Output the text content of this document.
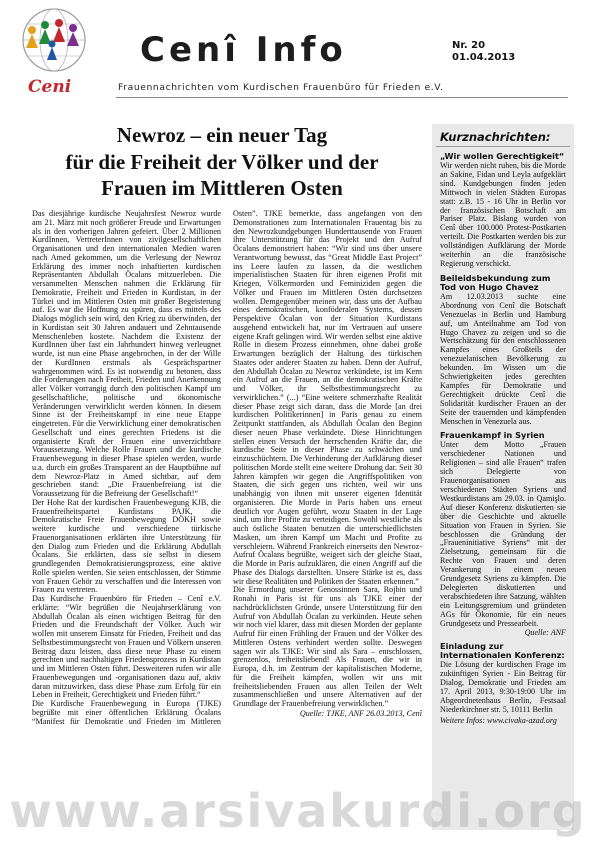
Ceni
Cenî Info	Nr. 20
01.04.2013
Frauennachrichten vom Kurdischen Frauenbüro für Frieden e.V.
Newroz – ein neuer Tag
für die Freiheit der Völker und der
Frauen im Mittleren Osten

Das diesjährige kurdische Neujahrsfest Newroz wurde am 21. März mit noch größerer Freude und Erwartungen als in den vorherigen Jahren gefeiert. Über 2 Millionen KurdInnen, VertreterInnen von zivilgesellschaftlichen Organisationen und den internationalen Medien waren nach Amed gekommen, um die Verlesung der Newroz Erklärung des immer noch inhaftierten kurdischen Repräsentanten Abdullah Öcalans mitzuerleben. Die versammelten Menschen nahmen die Erklärung für Demokratie, Freiheit und Frieden in Kurdistan, in der Türkei und im Mittleren Osten mit großer Begeisterung auf. Es war die Hoffnung zu spüren, dass es mittels des Dialogs möglich sein wird, den Krieg zu überwinden, der in Kurdistan seit 30 Jahren andauert und Zehntausende Menschenleben kostete. Nachdem die Existenz der KurdInnen über fast ein Jahrhundert hinweg verleugnet wurde, ist nun eine Phase angebrochen, in der der Wille der KurdInnen erstmals als Gesprächspartner wahrgenommen wird. Es ist notwendig zu betonen, dass die Forderungen nach Freiheit, Frieden und Anerkennung aller Völker vorrangig durch den politischen Kampf um gesellschaftliche, politische und ökonomische Veränderungen verwirklicht werden können. In diesem Sinne ist der Freiheitskampf in eine neue Etappe eingetreten. Für die Verwirklichung einer demokratischen Gesellschaft und eines gerechten Friedens ist die organisierte Kraft der Frauen eine unverzichtbare Voraussetzung. Welche Rolle Frauen und die kurdische Frauenbewegung in dieser Phase spielen werden, wurde u.a. durch ein großes Transparent an der Hauptbühne auf dem Newroz-Platz in Amed sichtbar, auf dem geschrieben stand: „Die Frauenbefreiung ist die Voraussetzung für die Befreiung der Gesellschaft!“

Der Hohe Rat der kurdischen Frauenbewegung KJB, die Frauenfreiheitspartei Kurdistans PAJK, die Demokratische Freie Frauenbewegung DÖKH sowie weitere kurdische und verschiedene türkische Frauenorganisationen erklärten ihre Unterstützung für den Dialog zum Frieden und die Erklärung Abdullah Öcalans. Sie erklärten, dass sie selbst in diesem grundlegenden Demokratisierungsprozess, eine aktive Rolle spielen werden. Sie seien entschlossen, der Stimme von Frauen Gehör zu verschaffen und die Interessen von Frauen zu vertreten.

Das Kurdische Frauenbüro für Frieden – Cenî e.V. erklärte: “Wir begrüßen die Neujahrserklärung von Abdullah Öcalan als einen wichtigen Beitrag für den Frieden und die Freundschaft der Völker. Auch wir wollen mit unserem Einsatz für Frieden, Freiheit und das Selbstbestimmungsrecht von Frauen und Völkern unseren Beitrag dazu leisten, dass diese neue Phase zu einem gerechten und nachhaltigen Friedensprozess in Kurdistan und im Mittleren Osten führt. Desweiteren rufen wir alle Frauenbewegungen und -organisationen dazu auf, aktiv daran mitzuwirken, dass diese Phase zum Erfolg für ein Leben in Freiheit, Gerechtigkeit und Frieden führt.“

Die Kurdische Frauenbewegung in Europa (TJKE) begrüßte mit einer öffentlichen Erklärung Öcalans “Manifest für Demokratie und Frieden im Mittleren Osten”. TJKE bemerkte, dass angefangen von den Demonstrationen zum Internationalen Frauentag bis zu den Newrozkundgebungen Hunderttausende von Frauen ihre Unterstützung für das Projekt und den Aufruf Öcalans demonstriert haben: “Wir sind uns über unsere Verantwortung bewusst, das “Great Middle East Project” ins Leere laufen zu lassen, da die westlichen imperialistischen Staaten für ihren eigenen Profit mit Kriegen, Völkermorden und Feminiziden gegen die Völker und Frauen im Mittleren Osten durchsetzen wollen. Demgegenüber meinen wir, dass uns der Aufbau eines demokratischen, konföderalen Systems, dessen Perspektive Öcalan von der Situation Kurdistans ausgehend entwickelt hat, nur im Vertrauen auf unsere eigene Kraft gelingen wird. Wir werden selbst eine aktive Rolle in diesem Prozess einnehmen, ohne dabei große Erwartungen bezüglich der Haltung des türkischen Staates oder anderer Staaten zu haben. Denn der Aufruf, den Abdullah Öcalan zu Newroz verkündete, ist im Kern ein Aufruf an die Frauen, an die demokratischen Kräfte und Völker, ihr Selbstbestimmungsrecht zu verwirklichen.” (...) “Eine weitere schmerzhafte Realität dieser Phase zeigt sich daran, dass die Morde [an drei kurdischen Politikerinnen] in Paris genau zu einem Zeitpunkt stattfanden, als Abdullah Öcalan den Beginn dieser neuen Phase verkündete. Diese Hinrichtungen stellen einen Versuch der herrschenden Kräfte dar, die kurdische Seite in dieser Phase zu schwächen und einzuschüchtern. Die Verhinderung der Aufklärung dieser politischen Morde stellt eine weitere Drohung dar. Seit 30 Jahren kämpfen wir gegen die Angriffspolitiken von Staaten, die sich gegen uns richten, weil wir uns unabhängig von ihnen mit unserer eigenen Identität organisieren. Die Morde in Paris haben uns erneut deutlich vor Augen geführt, wozu Staaten in der Lage sind, um ihre Profite zu verteidigen. Sowohl westliche als auch östliche Staaten benutzen die unterschiedlichsten Masken, um ihren Kampf um Macht und Profite zu verschleiern. Während Frankreich einerseits den Newroz-Aufruf Öcalans begrüßte, weigert sich der gleiche Staat, die Morde in Paris aufzuklären, die einen Angriff auf die Phase des Dialogs darstellten. Unsere Stärke ist es, dass wir diese Realitäten und Politiken der Staaten erkennen.”

Die Ermordung unserer Genossinnen Sara, Rojbin und Ronahi in Paris ist für uns als TJKE einer der nachdrücklichsten Gründe, unsere Unterstützung für den Aufruf von Abdullah Öcalan zu verkünden. Heute sehen wir noch viel klarer, dass mit diesen Morden der geplante Aufruf für einen Frühling der Frauen und der Völker des Mittleren Ostens verhindert werden sollte. Deswegen sagen wir als TJKE: Wir sind als Sara – entschlossen, grenzenlos, freiheitsliebend! Als Frauen, die wir in Europa, d.h. im Zentrum der kapitalistischen Moderne, für die Freiheit kämpfen, wollen wir uns mit freiheitsliebenden Frauen aus allen Teilen der Welt zusammenschließen und unsere Alternativen auf der Grundlage der Frauenbefreiung verwirklichen.”

Quelle: TJKE, ANF 26.03.2013, Cenî

Kurznachrichten:
„Wir wollen Gerechtigkeit“

Wir werden nicht ruhen, bis die Morde an Sakine, Fidan und Leyla aufgeklärt sind. Kundgebungen finden jeden Mittwoch in vielen Städten Europas statt: z.B. 15 - 16 Uhr in Berlin vor der französischen Botschaft am Pariser Platz. Bislang wurden von Cenî über 100.000 Protest-Postkarten verteilt. Die Postkarten werden bis zur vollständigen Aufklärung der Morde weiterhin an die französische Regierung verschickt.

Beileidsbekundung zum Tod von Hugo Chavez

Am 12.03.2013 suchte eine Abordnung von Cenî die Botschaft Venezuelas in Berlin und Hamburg auf, um Anteilnahme am Tod von Hugo Chavez zu zeigen und so die Wertschätzung für den entschlossenen Kampfes eines Großteils der venezuelanischen Bevölkerung zu bekunden. Im Wissen um die Schwierigkeiten jedes gerechten Kampfes für Demokratie und Gerechtigkeit drückte Cenî die Solidarität kurdischer Frauen an der Seite der trauernden und kämpfenden Menschen in Venezuela aus.

Frauenkampf in Syrien

Unter dem Motto „Frauen verschiedener Nationen und Religionen – sind alle Frauen“ trafen sich Delegierte von Frauenorganisationen aus verschiedenen Städten Syriens und Westkurdistans am 29.03. in Qamişlo. Auf dieser Konferenz diskutierten sie über die Geschichte und aktuelle Situation von Frauen in Syrien. Sie beschlossen die Gründung der „Fraueninitiative Syriens“ mit der Zielsetzung, gemeinsam für die Rechte von Frauen und deren Verankerung in einem neuen Grundgesetz Syriens zu kämpfen. Die Delegierten diskutierten und verabschiedeten ihre Satzung, wählten ein Leitungsgremium und gründeten AGs für Ökonomie, für ein neues Grundgesetz und Pressearbeit.

Quelle: ANF

Einladung zur Internationalen Konferenz:

Die Lösung der kurdischen Frage im zukünftigen Syrien - Ein Beitrag für Dialog, Demokratie und Frieden am 17. April 2013, 9:30-19:00 Uhr im Abgeordnetenhaus Berlin, Festsaal Niederkirchner str. 5, 10111 Berlin

Weitere Infos: www.civaka-azad.org

www.arsivakurdi.org
